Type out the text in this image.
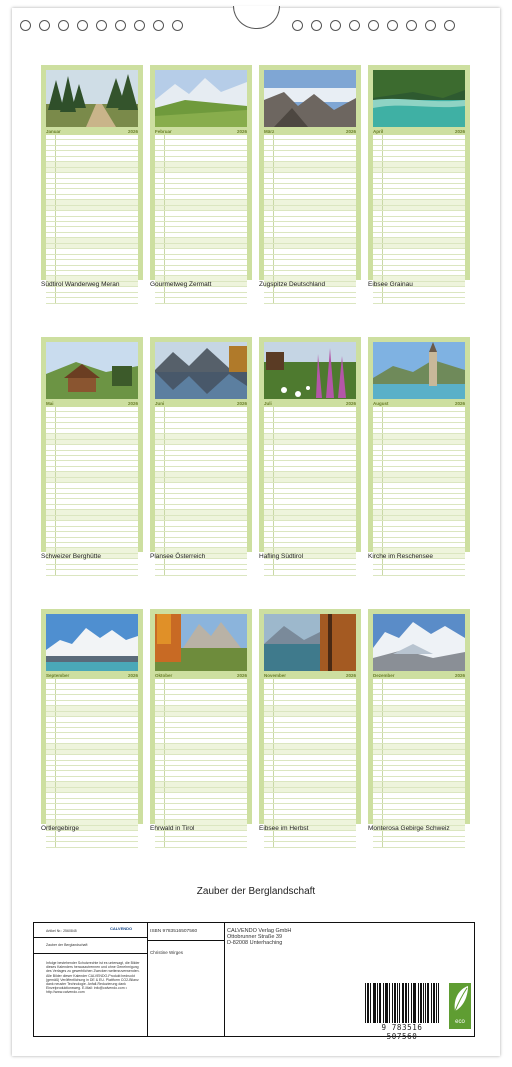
Januar	2026
Südtirol Wanderweg Meran
Februar	2026
Gourmetweg Zermatt
März	2026
Zugspitze Deutschland
April	2026
Eibsee Grainau
Mai	2026
Schweizer Berghütte
Juni	2026
Plansee Österreich
Juli	2026
Hafling Südtirol
August	2026
Kirche im Reschensee
September	2026
Ortlergebirge
Oktober	2026
Ehrwald in Tirol
November	2026
Eibsee im Herbst
Dezember	2026
Monterosa Gebirge Schweiz
Zauber der Berglandschaft
Artikel Nr.: 2560845	CALVENDO
Zauber der Berglandschaft
Infolge bestehender Schutzrechte ist es untersagt, die Bilder dieses Kalenders herauszutrennen und ohne Genehmigung des Verlages zu gewerblichen Zwecken weiterzuverwenden. Alle Bilder dieser Kalender CALVENDO-Produkt bedruckt (gemäß) Veröffentlichung in DE & EU. Plattform CO2-Bilanz dank neuster Technologie. Anfall-Reduzierung dank Einzelproduktionsweg. E-Mail: info@calvendo.com • http://www.calvendo.com
ISBN 9783516507560
Christine Wirges
CALVENDO Verlag GmbH
Ottobrunner Straße 39
D-82008 Unterhaching
9 783516 507560
eco
